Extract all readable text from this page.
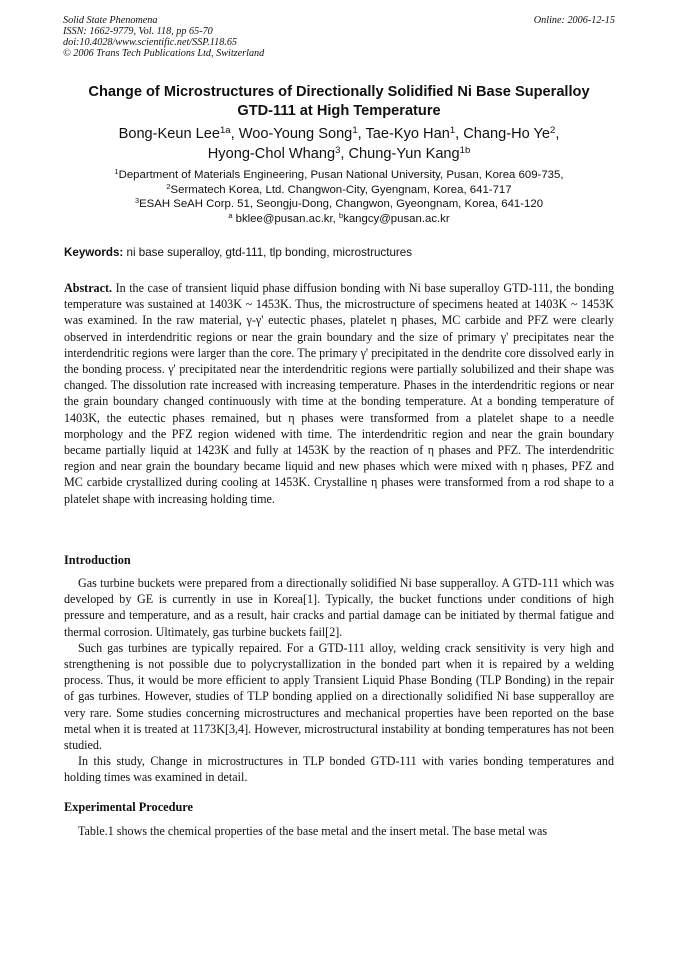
Solid State Phenomena
ISSN: 1662-9779, Vol. 118, pp 65-70
doi:10.4028/www.scientific.net/SSP.118.65
© 2006 Trans Tech Publications Ltd, Switzerland
Online: 2006-12-15
Change of Microstructures of Directionally Solidified Ni Base Superalloy
GTD-111 at High Temperature
Bong-Keun Lee$^{1a}$, Woo-Young Song$^1$, Tae-Kyo Han$^1$, Chang-Ho Ye$^2$,
Hyong-Chol Whang$^3$, Chung-Yun Kang$^{1b}$
$^1$Department of Materials Engineering, Pusan National University, Pusan, Korea 609-735,
$^2$Sermatech Korea, Ltd. Changwon-City, Gyengnam, Korea, 641-717
$^3$ESAH SeAH Corp. 51, Seongju-Dong, Changwon, Gyeongnam, Korea, 641-120
$^a$ bkleе@pusan.ac.kr, $^b$kangcy@pusan.ac.kr
Keywords: ni base superalloy, gtd-111, tlp bonding, microstructures
Abstract. In the case of transient liquid phase diffusion bonding with Ni base superalloy GTD-111, the bonding temperature was sustained at 1403K ~ 1453K. Thus, the microstructure of specimens heated at 1403K ~ 1453K was examined. In the raw material, γ-γ' eutectic phases, platelet η phases, MC carbide and PFZ were clearly observed in interdendritic regions or near the grain boundary and the size of primary γ' precipitates near the interdendritic regions were larger than the core. The primary γ' precipitated in the dendrite core dissolved early in the bonding process. γ' precipitated near the interdendritic regions were partially solubilized and their shape was changed. The dissolution rate increased with increasing temperature. Phases in the interdendritic regions or near the grain boundary changed continuously with time at the bonding temperature. At a bonding temperature of 1403K, the eutectic phases remained, but η phases were transformed from a platelet shape to a needle morphology and the PFZ region widened with time. The interdendritic region and near the grain boundary became partially liquid at 1423K and fully at 1453K by the reaction of η phases and PFZ. The interdendritic region and near grain the boundary became liquid and new phases which were mixed with η phases, PFZ and MC carbide crystallized during cooling at 1453K. Crystalline η phases were transformed from a rod shape to a platelet shape with increasing holding time.
Introduction

Gas turbine buckets were prepared from a directionally solidified Ni base supperalloy. A GTD-111 which was developed by GE is currently in use in Korea[1]. Typically, the bucket functions under conditions of high pressure and temperature, and as a result, hair cracks and partial damage can be initiated by thermal fatigue and thermal corrosion. Ultimately, gas turbine buckets fail[2].

Such gas turbines are typically repaired. For a GTD-111 alloy, welding crack sensitivity is very high and strengthening is not possible due to polycrystallization in the bonded part when it is repaired by a welding process. Thus, it would be more efficient to apply Transient Liquid Phase Bonding (TLP Bonding) in the repair of gas turbines. However, studies of TLP bonding applied on a directionally solidified Ni base supperalloy are very rare. Some studies concerning microstructures and mechanical properties have been reported on the base metal when it is treated at 1173K[3,4]. However, microstructural instability at bonding temperatures has not been studied.

In this study, Change in microstructures in TLP bonded GTD-111 with varies bonding temperatures and holding times was examined in detail.

Experimental Procedure

Table.1 shows the chemical properties of the base metal and the insert metal. The base metal was
